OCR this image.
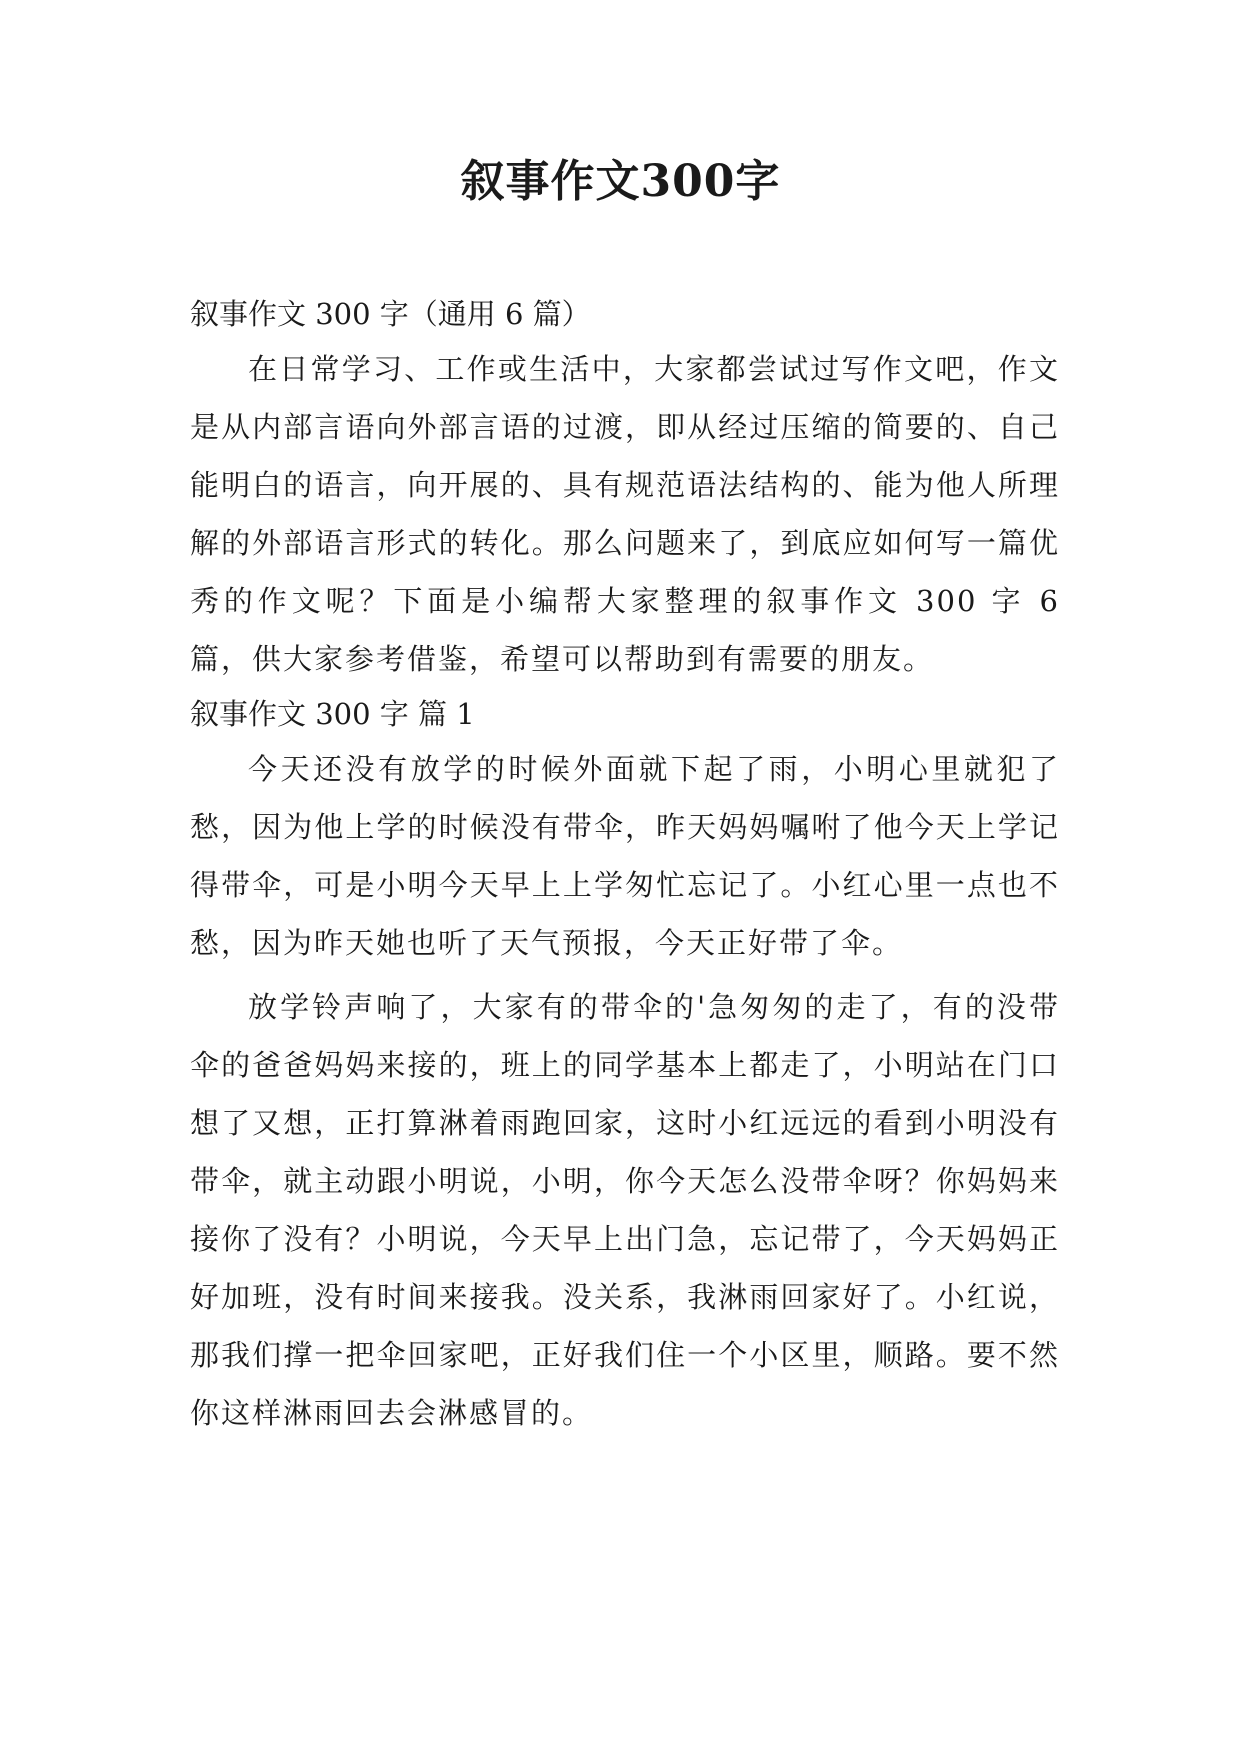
叙事作文300字

叙事作文 300 字（通用 6 篇）

在日常学习、工作或生活中，大家都尝试过写作文吧，作文是从内部言语向外部言语的过渡，即从经过压缩的简要的、自己能明白的语言，向开展的、具有规范语法结构的、能为他人所理解的外部语言形式的转化。那么问题来了，到底应如何写一篇优秀的作文呢？下面是小编帮大家整理的叙事作文 300 字 6 篇，供大家参考借鉴，希望可以帮助到有需要的朋友。

叙事作文 300 字 篇 1

今天还没有放学的时候外面就下起了雨，小明心里就犯了愁，因为他上学的时候没有带伞，昨天妈妈嘱咐了他今天上学记得带伞，可是小明今天早上上学匆忙忘记了。小红心里一点也不愁，因为昨天她也听了天气预报，今天正好带了伞。

放学铃声响了，大家有的带伞的'急匆匆的走了，有的没带伞的爸爸妈妈来接的，班上的同学基本上都走了，小明站在门口想了又想，正打算淋着雨跑回家，这时小红远远的看到小明没有带伞，就主动跟小明说，小明，你今天怎么没带伞呀？你妈妈来接你了没有？小明说，今天早上出门急，忘记带了，今天妈妈正好加班，没有时间来接我。没关系，我淋雨回家好了。小红说，那我们撑一把伞回家吧，正好我们住一个小区里，顺路。要不然你这样淋雨回去会淋感冒的。
